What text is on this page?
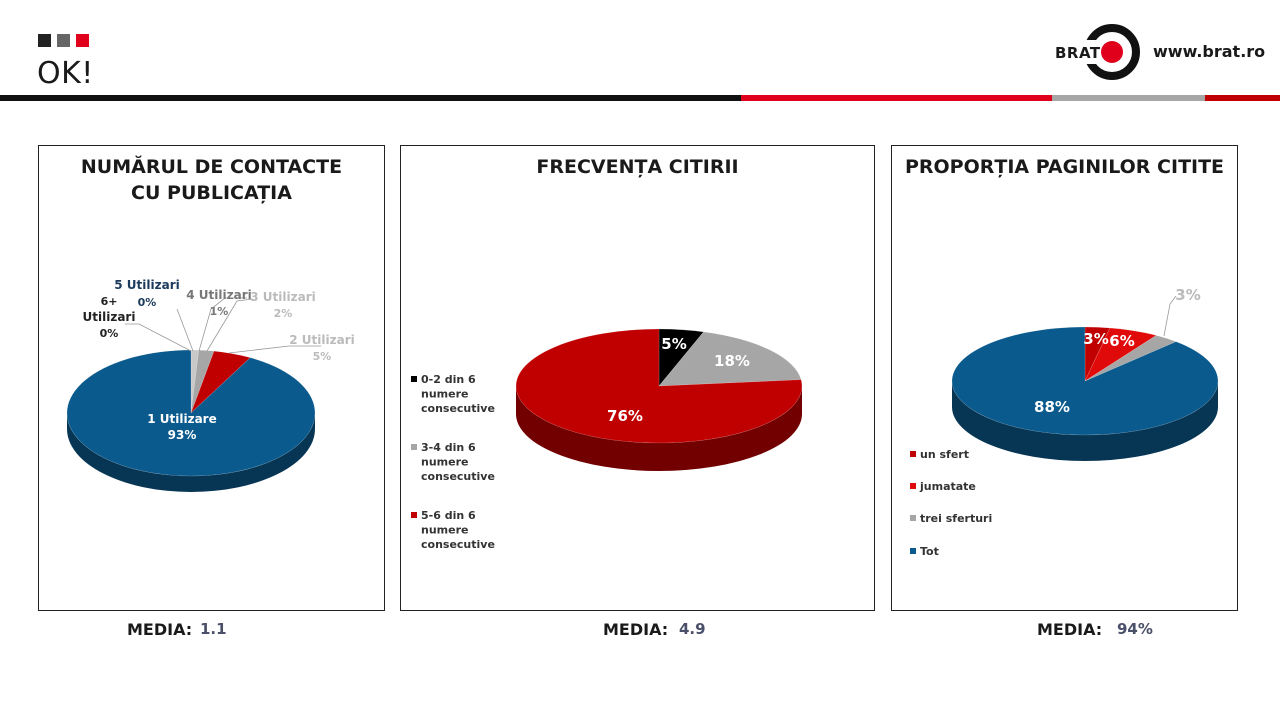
OK!
BRAT	www.brat.ro
NUMĂRUL DE CONTACTE
CU PUBLICAȚIA
1 Utilizare
93%
2 Utilizari
5%
3 Utilizari
2%
4 Utilizari
1%
5 Utilizari
0%
6+
Utilizari
0%
FRECVENȚA CITIRII
5%
18%
76%
0-2 din 6
numere
consecutive
3-4 din 6
numere
consecutive
5-6 din 6
numere
consecutive
PROPORȚIA PAGINILOR CITITE
3% 6%
3%
88%
un sfert
jumatate
trei sferturi
Tot
MEDIA: 1.1	MEDIA: 4.9	MEDIA: 94%
